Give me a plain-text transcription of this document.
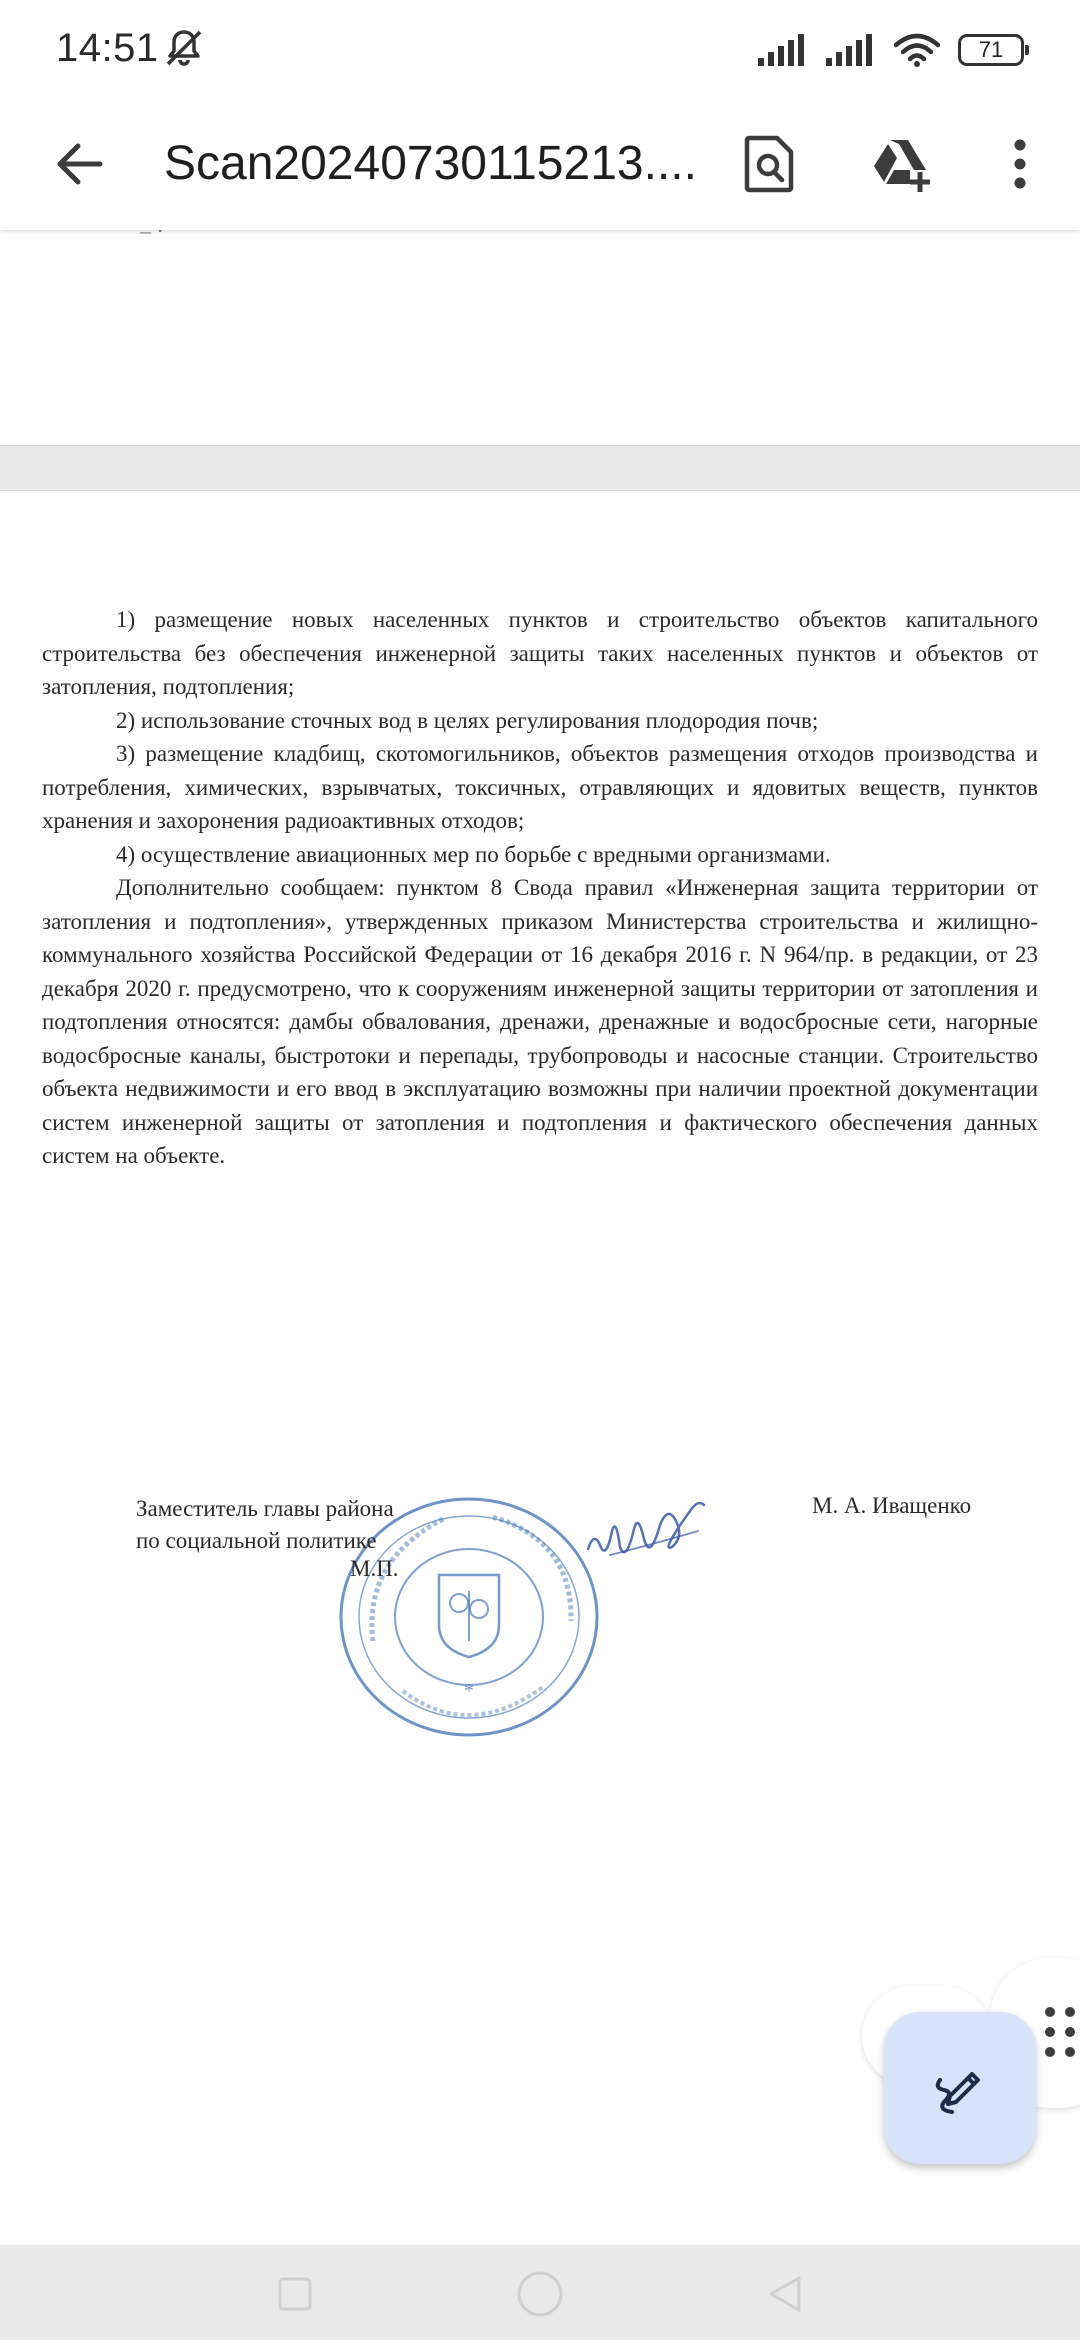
14:51	71
Scan20240730115213....
– ·

1) размещение новых населенных пунктов и строительство объектов капитального строительства без обеспечения инженерной защиты таких населенных пунктов и объектов от затопления, подтопления;

2) использование сточных вод в целях регулирования плодородия почв;

3) размещение кладбищ, скотомогильников, объектов размещения отходов производства и потребления, химических, взрывчатых, токсичных, отравляющих и ядовитых веществ, пунктов хранения и захоронения радиоактивных отходов;

4) осуществление авиационных мер по борьбе с вредными организмами.

Дополнительно сообщаем: пунктом 8 Свода правил «Инженерная защита территории от затопления и подтопления», утвержденных приказом Министерства строительства и жилищно-коммунального хозяйства Российской Федерации от 16 декабря 2016 г. N 964/пр. в редакции, от 23 декабря 2020 г. предусмотрено, что к сооружениям инженерной защиты территории от затопления и подтопления относятся: дамбы обвалования, дренажи, дренажные и водосбросные сети, нагорные водосбросные каналы, быстротоки и перепады, трубопроводы и насосные станции. Строительство объекта недвижимости и его ввод в эксплуатацию возможны при наличии проектной документации систем инженерной защиты от затопления и подтопления и фактического обеспечения данных систем на объекте.

*
Заместитель главы района
по социальной политике
М.П.
М. А. Иващенко
